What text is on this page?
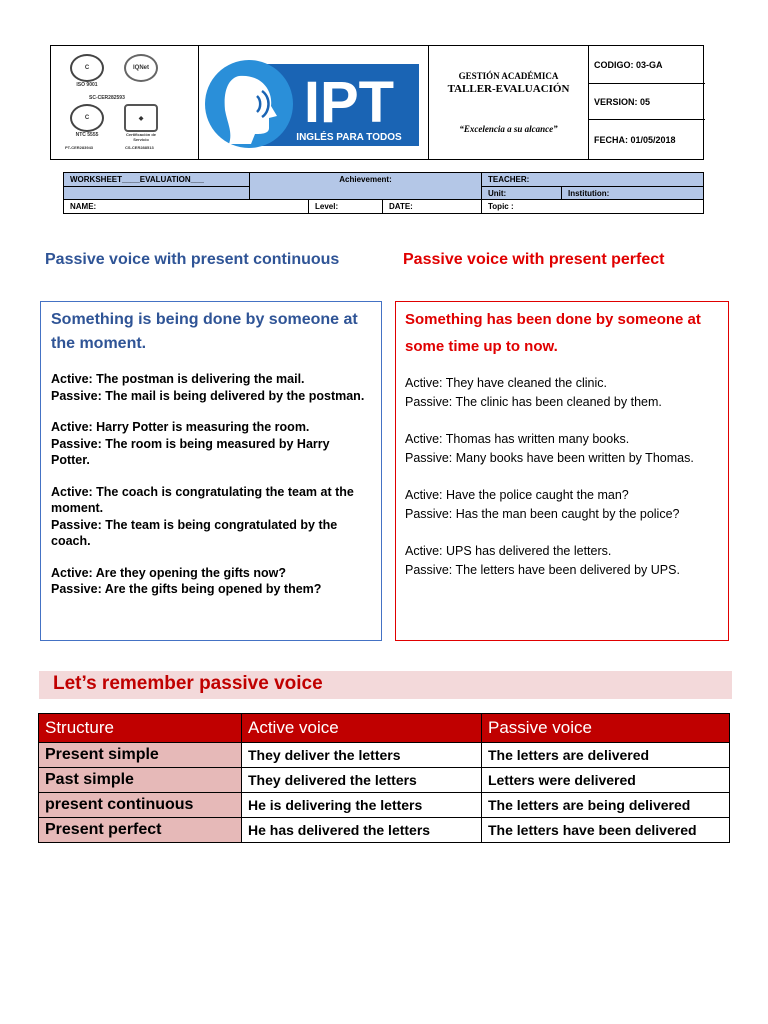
C
ISO 9001
IQNet
SC-CER282593
C
NTC 5555
◆
Certificación de Servicio
PT-CER283943	CS-CER288513
IPT
INGLÉS PARA TODOS
GESTIÓN ACADÉMICA
TALLER-EVALUACIÓN
“Excelencia a su alcance”
CODIGO: 03-GA
VERSION: 05
FECHA: 01/05/2018
WORKSHEET____EVALUATION___	Achievement:	TEACHER:
Unit:	Institution:
NAME:	Level:	DATE:	Topic :
Passive voice with present continuous	Passive voice with present perfect
Something is being done by someone at the moment.
Active: The postman is delivering the mail.
Passive: The mail is being delivered by the postman.
Active: Harry Potter is measuring the room.
Passive: The room is being measured by Harry Potter.
Active: The coach is congratulating the team at the moment.
Passive: The team is being congratulated by the coach.
Active: Are they opening the gifts now?
Passive: Are the gifts being opened by them?
Something has been done by someone at some time up to now.
Active: They have cleaned the clinic.
Passive: The clinic has been cleaned by them.
Active: Thomas has written many books.
Passive: Many books have been written by Thomas.
Active: Have the police caught the man?
Passive: Has the man been caught by the police?
Active: UPS has delivered the letters.
Passive: The letters have been delivered by UPS.
Let’s remember passive voice
Structure	Active voice	Passive voice
Present simple	They deliver the letters	The letters are delivered
Past simple	They delivered the letters	Letters were delivered
present continuous	He is delivering the letters	The letters are being delivered
Present perfect	He has delivered the letters	The letters have been delivered
